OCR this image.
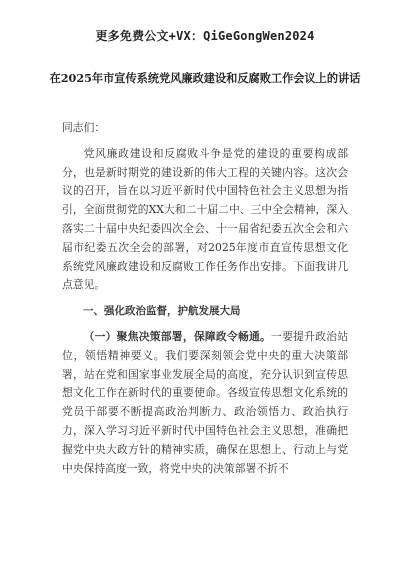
更多免费公文+VX：QiGeGongWen2024
在2025年市宣传系统党风廉政建设和反腐败工作会议上的讲话

同志们：

党风廉政建设和反腐败斗争是党的建设的重要构成部分，也是新时期党的建设新的伟大工程的关键内容。这次会议的召开，旨在以习近平新时代中国特色社会主义思想为指引，全面贯彻党的XX大和二十届二中、三中全会精神，深入落实二十届中央纪委四次全会、十一届省纪委五次全会和六届市纪委五次全会的部署，对2025年度市直宣传思想文化系统党风廉政建设和反腐败工作任务作出安排。下面我讲几点意见。

一、强化政治监督，护航发展大局

（一）聚焦决策部署，保障政令畅通。一要提升政治站位，领悟精神要义。我们要深刻领会党中央的重大决策部署，站在党和国家事业发展全局的高度，充分认识到宣传思想文化工作在新时代的重要使命。各级宣传思想文化系统的党员干部要不断提高政治判断力、政治领悟力、政治执行力，深入学习习近平新时代中国特色社会主义思想，准确把握党中央大政方针的精神实质，确保在思想上、行动上与党中央保持高度一致，将党中央的决策部署不折不
